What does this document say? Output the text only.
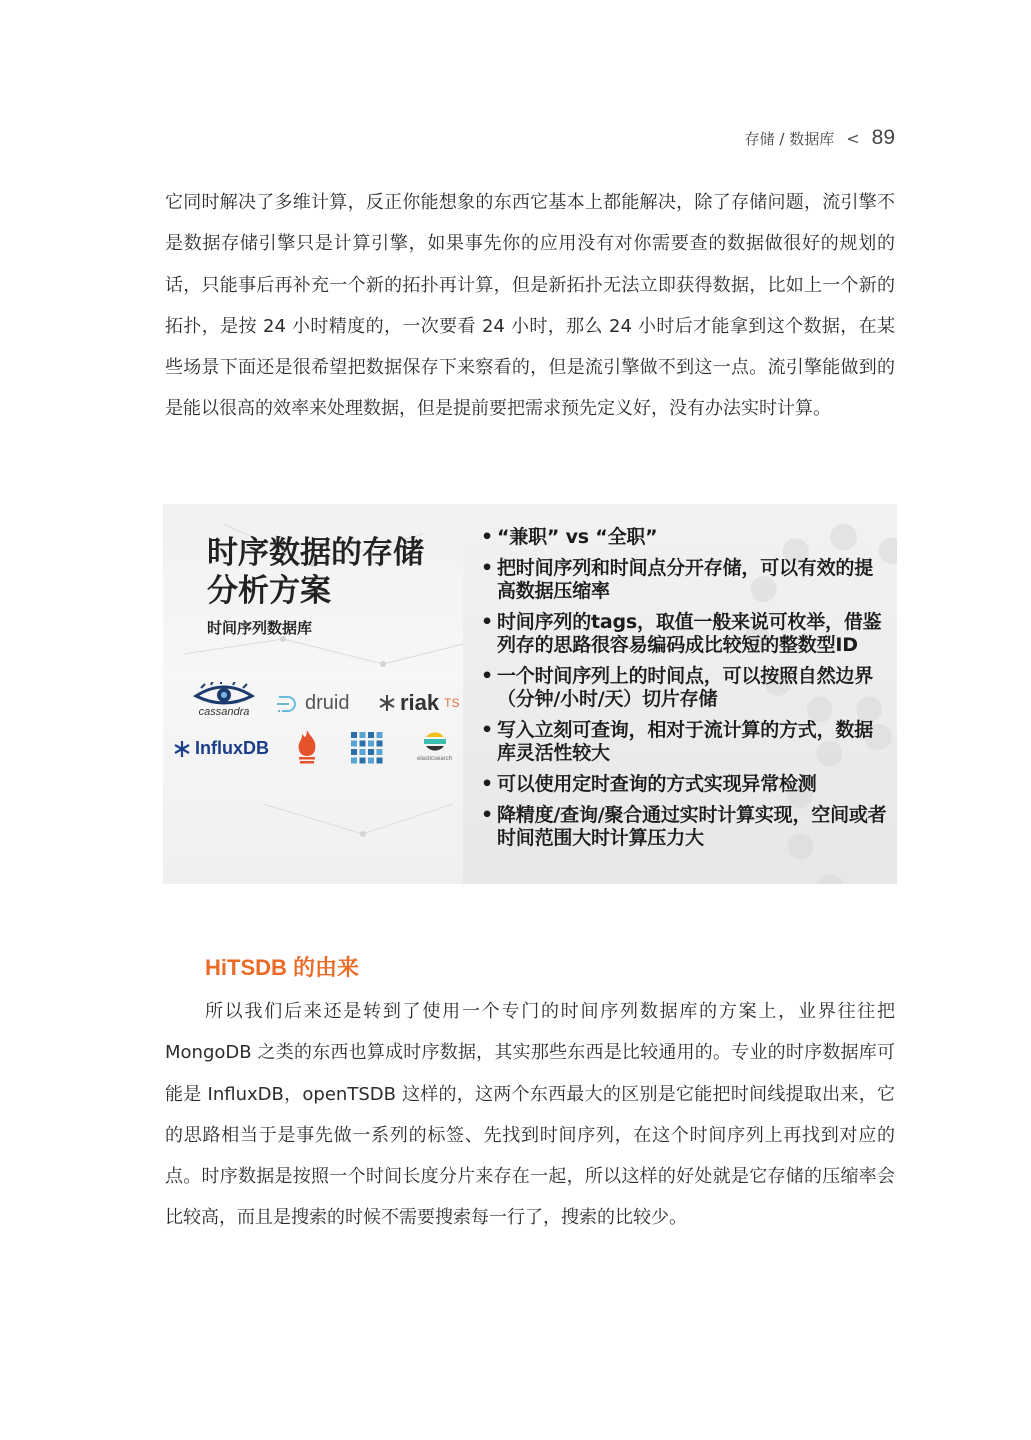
存储 / 数据库 < 89

它同时解决了多维计算，反正你能想象的东西它基本上都能解决，除了存储问题，流引擎不是数据存储引擎只是计算引擎，如果事先你的应用没有对你需要查的数据做很好的规划的话，只能事后再补充一个新的拓扑再计算，但是新拓扑无法立即获得数据，比如上一个新的拓扑，是按 24 小时精度的，一次要看 24 小时，那么 24 小时后才能拿到这个数据，在某些场景下面还是很希望把数据保存下来察看的，但是流引擎做不到这一点。流引擎能做到的是能以很高的效率来处理数据，但是提前要把需求预先定义好，没有办法实时计算。

时序数据的存储
分析方案
时间序列数据库
cassandra	druid riak TS
InfluxDB
elasticsearch
• “兼职” vs “全职”
• 把时间序列和时间点分开存储，可以有效的提高数据压缩率
• 时间序列的tags，取值一般来说可枚举，借鉴列存的思路很容易编码成比较短的整数型ID
• 一个时间序列上的时间点，可以按照自然边界（分钟/小时/天）切片存储
• 写入立刻可查询，相对于流计算的方式，数据库灵活性较大
• 可以使用定时查询的方式实现异常检测
• 降精度/查询/聚合通过实时计算实现，空间或者时间范围大时计算压力大
HiTSDB 的由来

所以我们后来还是转到了使用一个专门的时间序列数据库的方案上，业界往往把 MongoDB 之类的东西也算成时序数据，其实那些东西是比较通用的。专业的时序数据库可能是 InfluxDB，openTSDB 这样的，这两个东西最大的区别是它能把时间线提取出来，它的思路相当于是事先做一系列的标签、先找到时间序列，在这个时间序列上再找到对应的点。时序数据是按照一个时间长度分片来存在一起，所以这样的好处就是它存储的压缩率会比较高，而且是搜索的时候不需要搜索每一行了，搜索的比较少。
